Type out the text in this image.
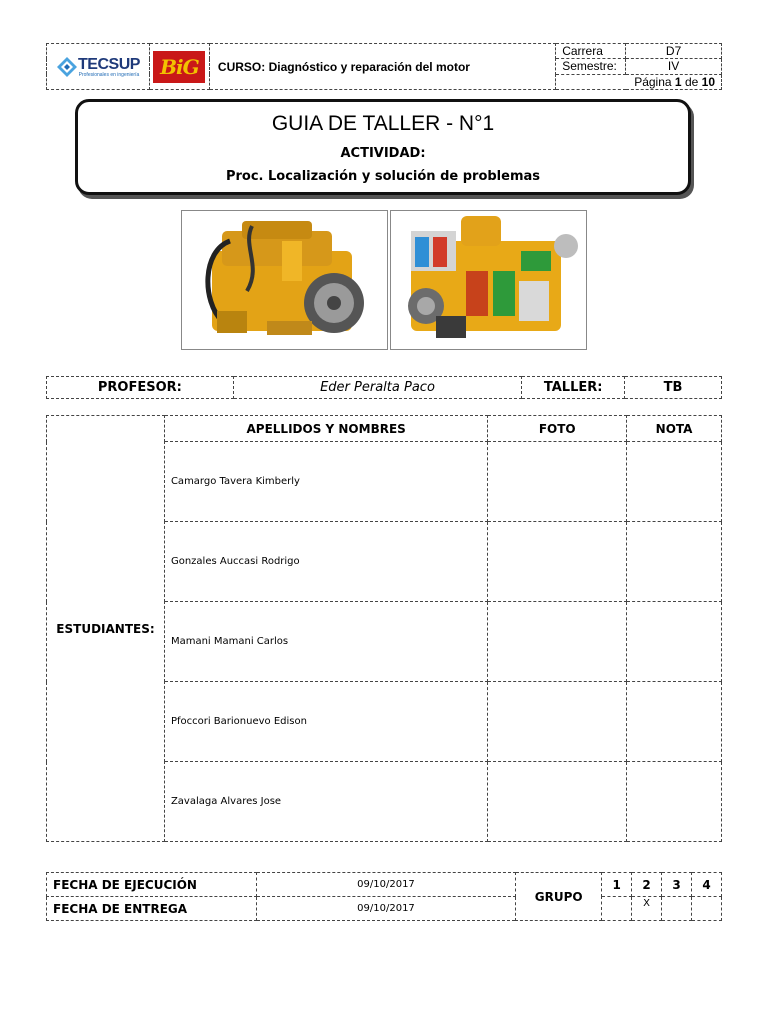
TECSUP
Profesionales en ingeniería	BiG	CURSO: Diagnóstico y reparación del motor	Carrera	D7
			Semestre:	IV
			Página 1 de 10	
GUIA DE TALLER - N°1
ACTIVIDAD:
Proc. Localización y solución de problemas
PROFESOR:	Eder Peralta Paco	TALLER:	TB
ESTUDIANTES:	APELLIDOS Y NOMBRES	FOTO	NOTA
	Camargo Tavera Kimberly		
	Gonzales Auccasi Rodrigo		
	Mamani Mamani Carlos		
	Pfoccori Barionuevo Edison		
	Zavalaga Alvares Jose		
FECHA DE EJECUCIÓN	09/10/2017	GRUPO	1	2	3	4
FECHA DE ENTREGA	09/10/2017			X		
